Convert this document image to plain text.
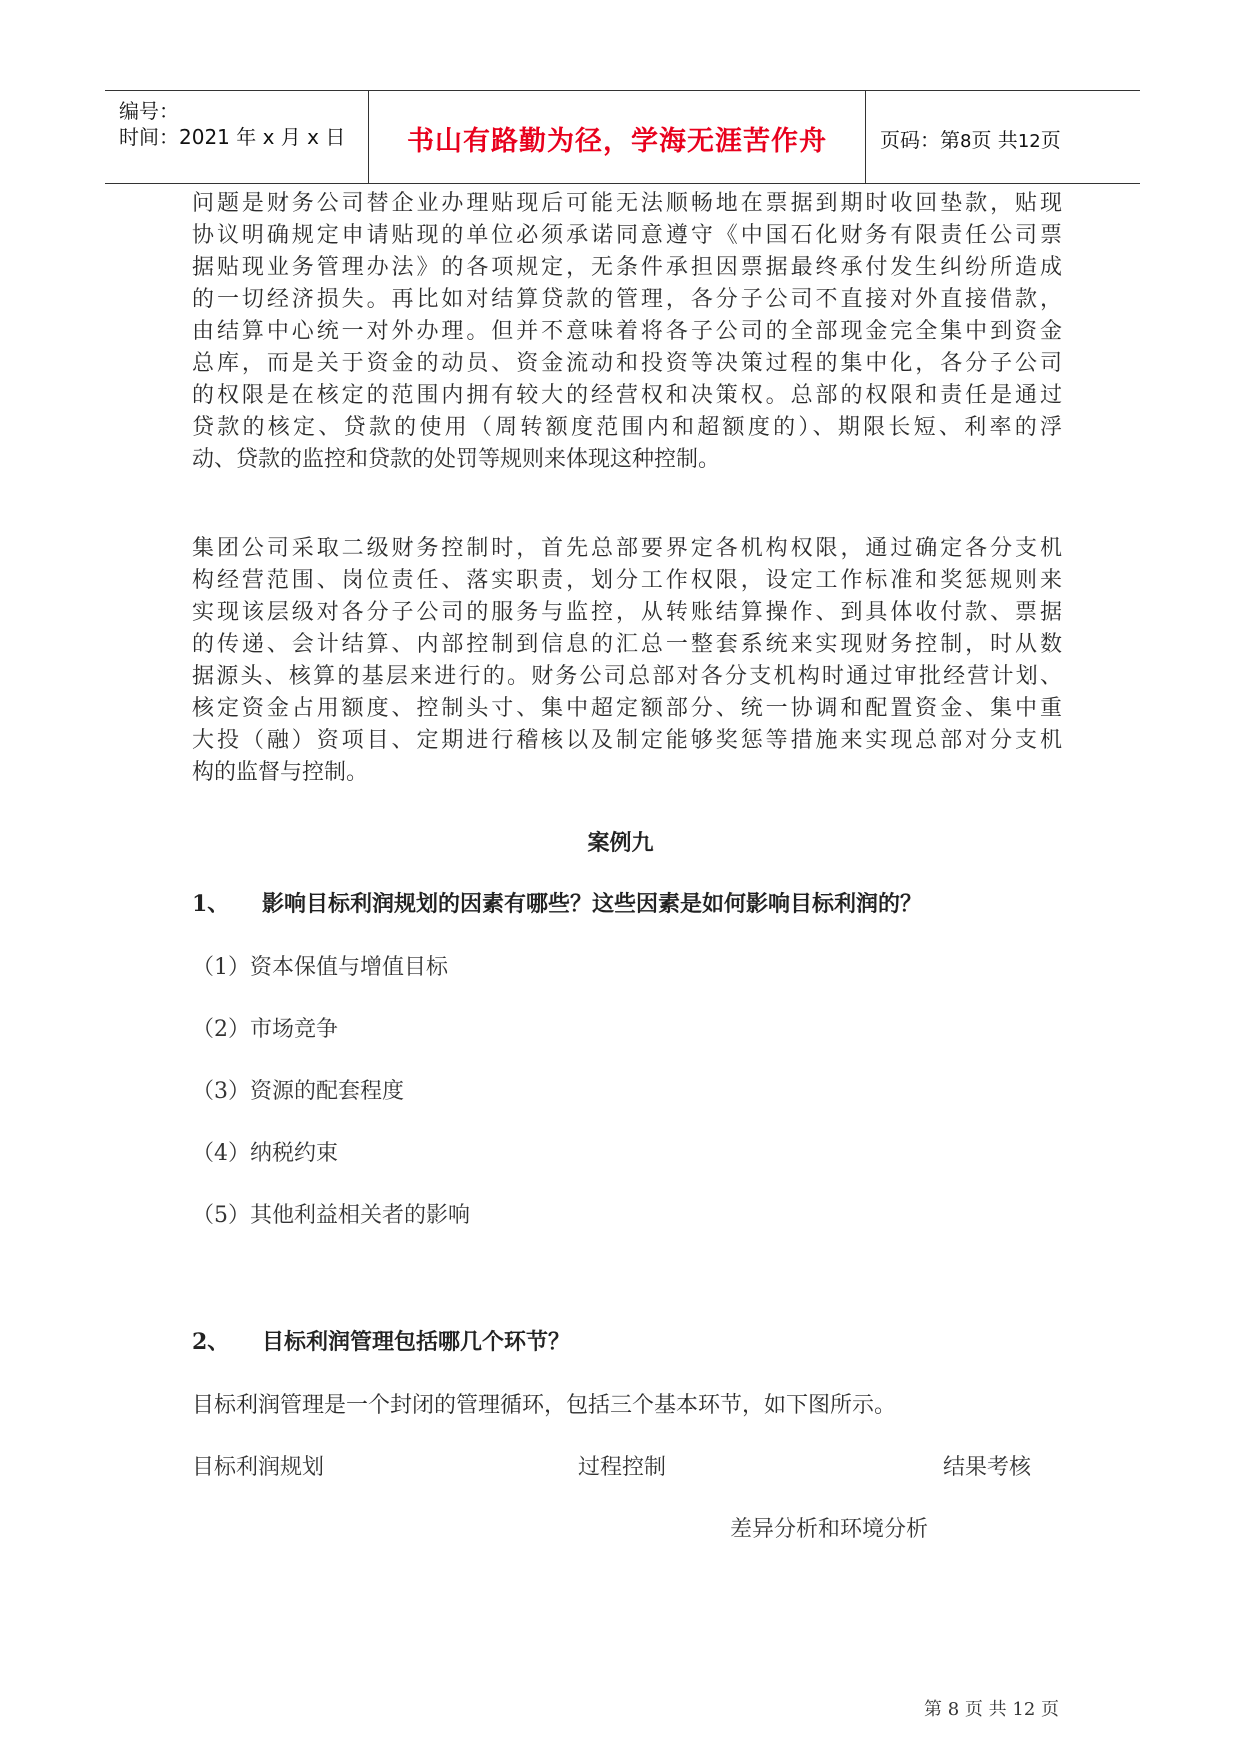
编号：
时间：2021 年 x 月 x 日	书山有路勤为径，学海无涯苦作舟	页码：第8页 共12页
问题是财务公司替企业办理贴现后可能无法顺畅地在票据到期时收回垫款，贴现
协议明确规定申请贴现的单位必须承诺同意遵守《中国石化财务有限责任公司票
据贴现业务管理办法》的各项规定，无条件承担因票据最终承付发生纠纷所造成
的一切经济损失。再比如对结算贷款的管理，各分子公司不直接对外直接借款，
由结算中心统一对外办理。但并不意味着将各子公司的全部现金完全集中到资金
总库，而是关于资金的动员、资金流动和投资等决策过程的集中化，各分子公司
的权限是在核定的范围内拥有较大的经营权和决策权。总部的权限和责任是通过
贷款的核定、贷款的使用（周转额度范围内和超额度的）、期限长短、利率的浮
动、贷款的监控和贷款的处罚等规则来体现这种控制。
集团公司采取二级财务控制时，首先总部要界定各机构权限，通过确定各分支机
构经营范围、岗位责任、落实职责，划分工作权限，设定工作标准和奖惩规则来
实现该层级对各分子公司的服务与监控，从转账结算操作、到具体收付款、票据
的传递、会计结算、内部控制到信息的汇总一整套系统来实现财务控制，时从数
据源头、核算的基层来进行的。财务公司总部对各分支机构时通过审批经营计划、
核定资金占用额度、控制头寸、集中超定额部分、统一协调和配置资金、集中重
大投（融）资项目、定期进行稽核以及制定能够奖惩等措施来实现总部对分支机
构的监督与控制。
案例九
1、 影响目标利润规划的因素有哪些？这些因素是如何影响目标利润的？
（1）资本保值与增值目标
（2）市场竞争
（3）资源的配套程度
（4）纳税约束
（5）其他利益相关者的影响
2、 目标利润管理包括哪几个环节？
目标利润管理是一个封闭的管理循环，包括三个基本环节，如下图所示。
目标利润规划	过程控制	结果考核
差异分析和环境分析
第 8 页 共 12 页
